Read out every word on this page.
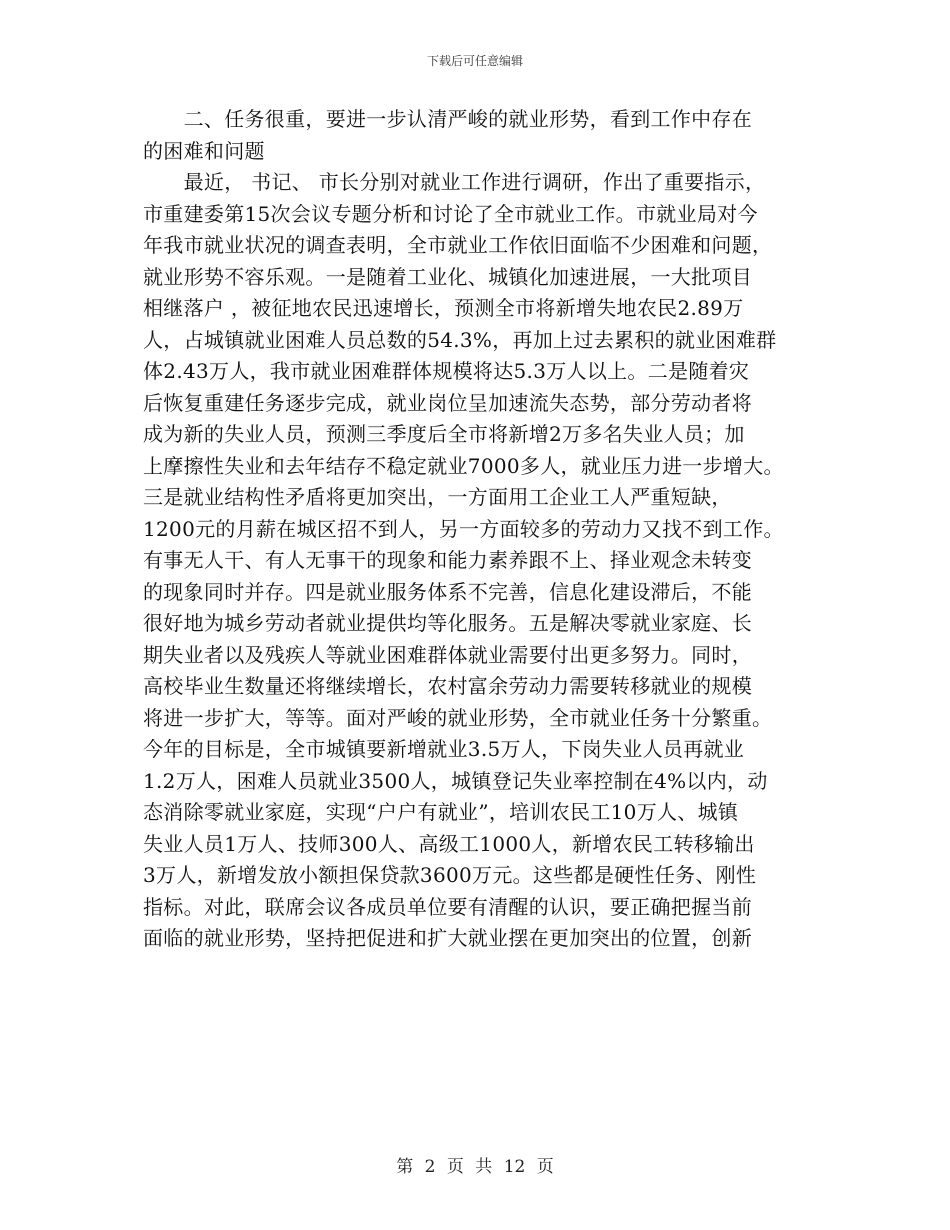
下载后可任意编辑
　　二、任务很重，要进一步认清严峻的就业形势，看到工作中存在
的困难和问题
　　最近， 书记、 市长分别对就业工作进行调研，作出了重要指示，
市重建委第15次会议专题分析和讨论了全市就业工作。市就业局对今
年我市就业状况的调查表明，全市就业工作依旧面临不少困难和问题，
就业形势不容乐观。一是随着工业化、城镇化加速进展，一大批项目
相继落户 ，被征地农民迅速增长，预测全市将新增失地农民2.89万
人，占城镇就业困难人员总数的54.3%，再加上过去累积的就业困难群
体2.43万人，我市就业困难群体规模将达5.3万人以上。二是随着灾
后恢复重建任务逐步完成，就业岗位呈加速流失态势，部分劳动者将
成为新的失业人员，预测三季度后全市将新增2万多名失业人员；加
上摩擦性失业和去年结存不稳定就业7000多人，就业压力进一步增大。
三是就业结构性矛盾将更加突出，一方面用工企业工人严重短缺，
1200元的月薪在城区招不到人，另一方面较多的劳动力又找不到工作。
有事无人干、有人无事干的现象和能力素养跟不上、择业观念未转变
的现象同时并存。四是就业服务体系不完善，信息化建设滞后，不能
很好地为城乡劳动者就业提供均等化服务。五是解决零就业家庭、长
期失业者以及残疾人等就业困难群体就业需要付出更多努力。同时，
高校毕业生数量还将继续增长，农村富余劳动力需要转移就业的规模
将进一步扩大，等等。面对严峻的就业形势，全市就业任务十分繁重。
今年的目标是，全市城镇要新增就业3.5万人，下岗失业人员再就业
1.2万人，困难人员就业3500人，城镇登记失业率控制在4%以内，动
态消除零就业家庭，实现“户户有就业”，培训农民工10万人、城镇
失业人员1万人、技师300人、高级工1000人，新增农民工转移输出
3万人，新增发放小额担保贷款3600万元。这些都是硬性任务、刚性
指标。对此，联席会议各成员单位要有清醒的认识，要正确把握当前
面临的就业形势，坚持把促进和扩大就业摆在更加突出的位置，创新
第 2 页 共 12 页
